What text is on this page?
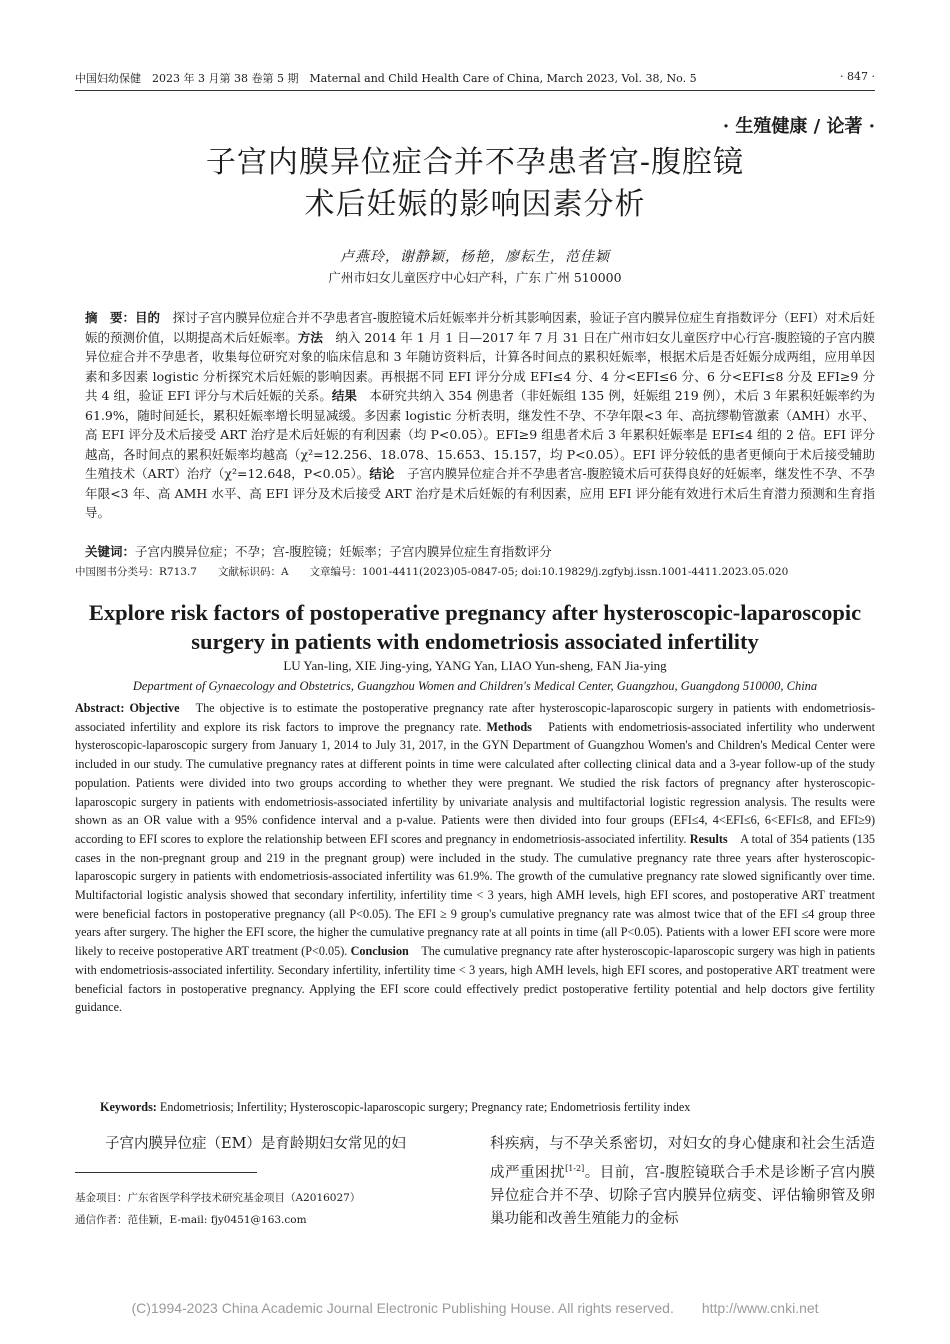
中国妇幼保健　2023 年 3 月第 38 卷第 5 期　Maternal and Child Health Care of China, March 2023, Vol. 38, No. 5	· 847 ·
· 生殖健康 / 论著 ·
子宫内膜异位症合并不孕患者宫-腹腔镜
术后妊娠的影响因素分析
卢燕玲，谢静颖，杨艳，廖耘生，范佳颖
广州市妇女儿童医疗中心妇产科，广东 广州 510000
摘　要：目的　探讨子宫内膜异位症合并不孕患者宫-腹腔镜术后妊娠率并分析其影响因素，验证子宫内膜异位症生育指数评分（EFI）对术后妊娠的预测价值，以期提高术后妊娠率。方法　纳入 2014 年 1 月 1 日—2017 年 7 月 31 日在广州市妇女儿童医疗中心行宫-腹腔镜的子宫内膜异位症合并不孕患者，收集每位研究对象的临床信息和 3 年随访资料后，计算各时间点的累积妊娠率，根据术后是否妊娠分成两组，应用单因素和多因素 logistic 分析探究术后妊娠的影响因素。再根据不同 EFI 评分分成 EFI≤4 分、4 分<EFI≤6 分、6 分<EFI≤8 分及 EFI≥9 分共 4 组，验证 EFI 评分与术后妊娠的关系。结果　本研究共纳入 354 例患者（非妊娠组 135 例，妊娠组 219 例），术后 3 年累积妊娠率约为 61.9%，随时间延长，累积妊娠率增长明显减缓。多因素 logistic 分析表明，继发性不孕、不孕年限<3 年、高抗缪勒管激素（AMH）水平、高 EFI 评分及术后接受 ART 治疗是术后妊娠的有利因素（均 P<0.05）。EFI≥9 组患者术后 3 年累积妊娠率是 EFI≤4 组的 2 倍。EFI 评分越高，各时间点的累积妊娠率均越高（χ²=12.256、18.078、15.653、15.157，均 P<0.05）。EFI 评分较低的患者更倾向于术后接受辅助生殖技术（ART）治疗（χ²=12.648，P<0.05）。结论　子宫内膜异位症合并不孕患者宫-腹腔镜术后可获得良好的妊娠率，继发性不孕、不孕年限<3 年、高 AMH 水平、高 EFI 评分及术后接受 ART 治疗是术后妊娠的有利因素，应用 EFI 评分能有效进行术后生育潜力预测和生育指导。
关键词：子宫内膜异位症；不孕；宫-腹腔镜；妊娠率；子宫内膜异位症生育指数评分
中国图书分类号：R713.7　　文献标识码：A　　文章编号：1001-4411(2023)05-0847-05; doi:10.19829/j.zgfybj.issn.1001-4411.2023.05.020
Explore risk factors of postoperative pregnancy after hysteroscopic-laparoscopic
surgery in patients with endometriosis associated infertility
LU Yan-ling, XIE Jing-ying, YANG Yan, LIAO Yun-sheng, FAN Jia-ying
Department of Gynaecology and Obstetrics, Guangzhou Women and Children's Medical Center, Guangzhou, Guangdong 510000, China
Abstract: Objective　The objective is to estimate the postoperative pregnancy rate after hysteroscopic-laparoscopic surgery in patients with endometriosis-associated infertility and explore its risk factors to improve the pregnancy rate. Methods　Patients with endometriosis-associated infertility who underwent hysteroscopic-laparoscopic surgery from January 1, 2014 to July 31, 2017, in the GYN Department of Guangzhou Women's and Children's Medical Center were included in our study. The cumulative pregnancy rates at different points in time were calculated after collecting clinical data and a 3-year follow-up of the study population. Patients were divided into two groups according to whether they were pregnant. We studied the risk factors of pregnancy after hysteroscopic-laparoscopic surgery in patients with endometriosis-associated infertility by univariate analysis and multifactorial logistic regression analysis. The results were shown as an OR value with a 95% confidence interval and a p-value. Patients were then divided into four groups (EFI≤4, 4<EFI≤6, 6<EFI≤8, and EFI≥9) according to EFI scores to explore the relationship between EFI scores and pregnancy in endometriosis-associated infertility. Results　A total of 354 patients (135 cases in the non-pregnant group and 219 in the pregnant group) were included in the study. The cumulative pregnancy rate three years after hysteroscopic-laparoscopic surgery in patients with endometriosis-associated infertility was 61.9%. The growth of the cumulative pregnancy rate slowed significantly over time. Multifactorial logistic analysis showed that secondary infertility, infertility time < 3 years, high AMH levels, high EFI scores, and postoperative ART treatment were beneficial factors in postoperative pregnancy (all P<0.05). The EFI ≥ 9 group's cumulative pregnancy rate was almost twice that of the EFI ≤4 group three years after surgery. The higher the EFI score, the higher the cumulative pregnancy rate at all points in time (all P<0.05). Patients with a lower EFI score were more likely to receive postoperative ART treatment (P<0.05). Conclusion　The cumulative pregnancy rate after hysteroscopic-laparoscopic surgery was high in patients with endometriosis-associated infertility. Secondary infertility, infertility time < 3 years, high AMH levels, high EFI scores, and postoperative ART treatment were beneficial factors in postoperative pregnancy. Applying the EFI score could effectively predict postoperative fertility potential and help doctors give fertility guidance.
Keywords: Endometriosis; Infertility; Hysteroscopic-laparoscopic surgery; Pregnancy rate; Endometriosis fertility index
子宫内膜异位症（EM）是育龄期妇女常见的妇	科疾病，与不孕关系密切，对妇女的身心健康和社会生活造成严重困扰[1-2]。目前，宫-腹腔镜联合手术是诊断子宫内膜异位症合并不孕、切除子宫内膜异位病变、评估输卵管及卵巢功能和改善生殖能力的金标
基金项目：广东省医学科学技术研究基金项目（A2016027）
通信作者：范佳颖，E-mail: fjy0451@163.com
(C)1994-2023 China Academic Journal Electronic Publishing House. All rights reserved.　　http://www.cnki.net
